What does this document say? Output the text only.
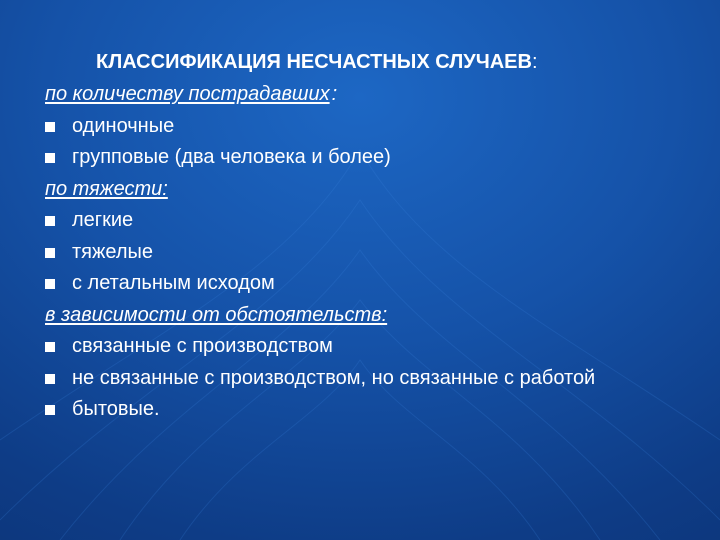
КЛАССИФИКАЦИЯ НЕСЧАСТНЫХ СЛУЧАЕВ:
по количеству пострадавших :
одиночные
групповые (два человека и более)
по тяжести:
легкие
тяжелые
с летальным исходом
в зависимости от обстоятельств:
связанные с производством
не связанные с производством, но связанные с работой
бытовые.
